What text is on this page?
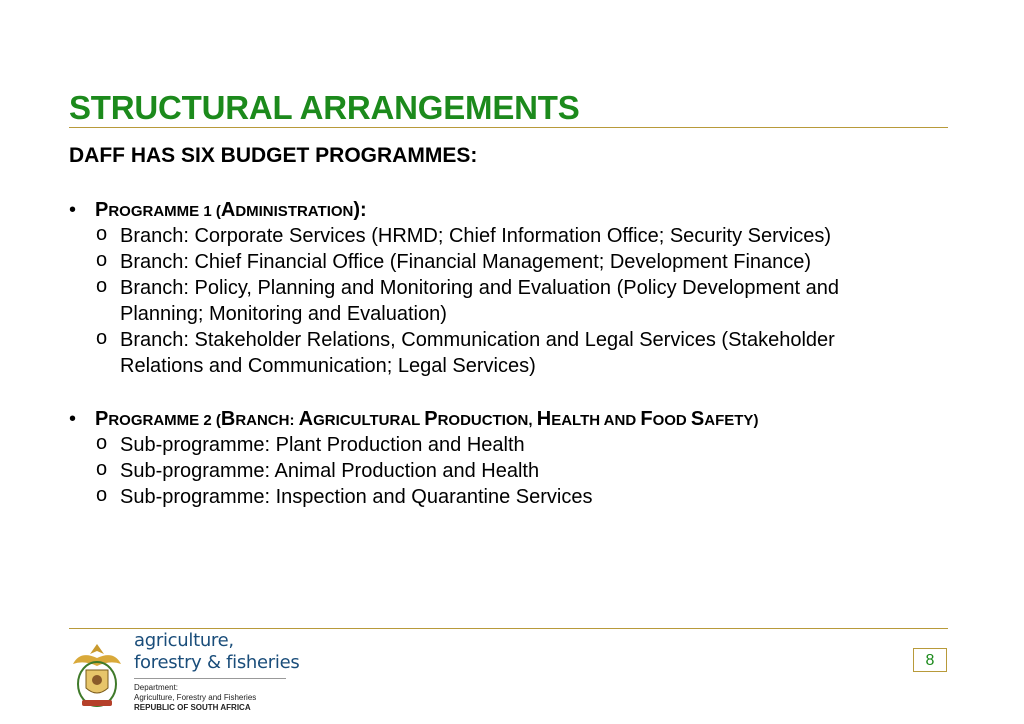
STRUCTURAL ARRANGEMENTS
DAFF HAS SIX BUDGET PROGRAMMES:
• PROGRAMME 1 (ADMINISTRATION):
o Branch: Corporate Services (HRMD; Chief Information Office; Security Services)
o Branch: Chief Financial Office (Financial Management; Development Finance)
o Branch: Policy, Planning and Monitoring and Evaluation (Policy Development and
Planning; Monitoring and Evaluation)
o Branch: Stakeholder Relations, Communication and Legal Services (Stakeholder
Relations and Communication; Legal Services)
• PROGRAMME 2 (BRANCH: AGRICULTURAL PRODUCTION, HEALTH AND FOOD SAFETY)
o Sub-programme: Plant Production and Health
o Sub-programme: Animal Production and Health
o Sub-programme: Inspection and Quarantine Services
agriculture,
forestry & fisheries
Department:
Agriculture, Forestry and Fisheries
REPUBLIC OF SOUTH AFRICA
8
